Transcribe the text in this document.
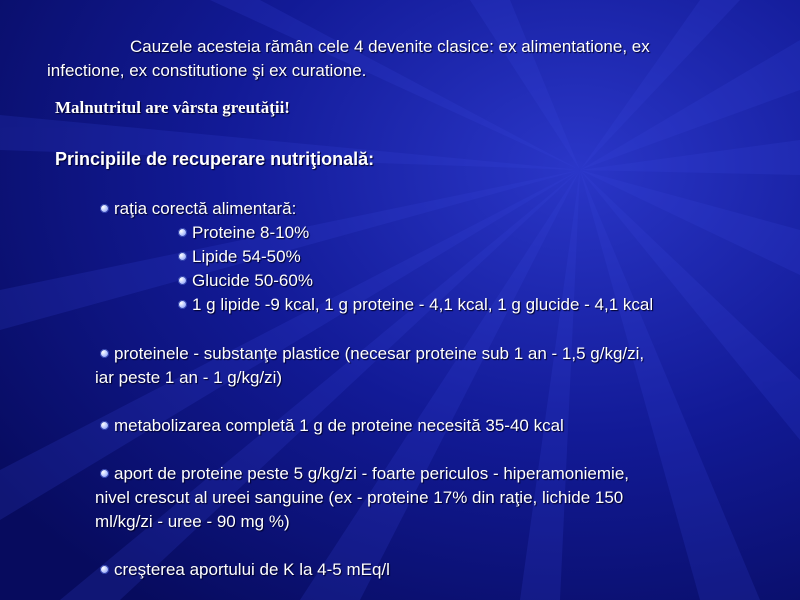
Cauzele acesteia rămân cele 4 devenite clasice: ex alimentatione, ex
infectione, ex constitutione şi ex curatione.
Malnutritul are vârsta greutăţii!
Principiile de recuperare nutriţională:
raţia corectă alimentară:
Proteine 8-10%
Lipide 54-50%
Glucide 50-60%
1 g lipide -9 kcal, 1 g proteine - 4,1 kcal, 1 g glucide - 4,1 kcal
proteinele - substanţe plastice (necesar proteine sub 1 an - 1,5 g/kg/zi,
iar peste 1 an - 1 g/kg/zi)
metabolizarea completă 1 g de proteine necesită 35-40 kcal
aport de proteine peste 5 g/kg/zi - foarte periculos - hiperamoniemie,
nivel crescut al ureei sanguine (ex - proteine 17% din raţie, lichide 150
ml/kg/zi - uree - 90 mg %)
creşterea aportului de K la 4-5 mEq/l
